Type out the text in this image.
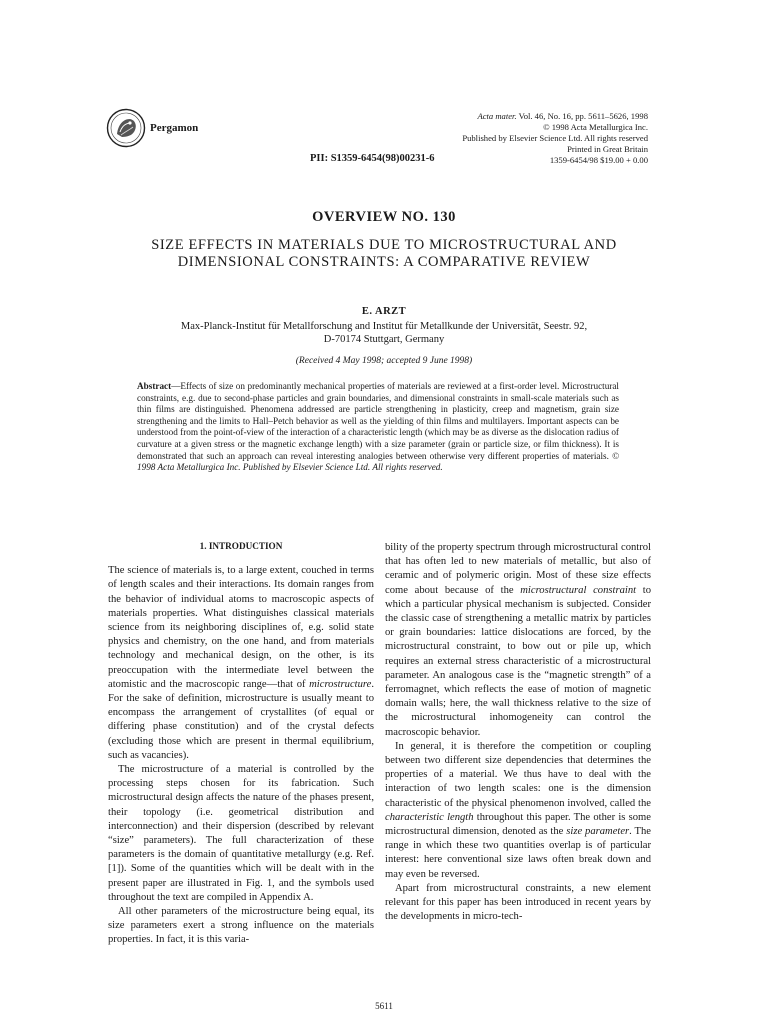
Pergamon
PII: S1359-6454(98)00231-6
Acta mater. Vol. 46, No. 16, pp. 5611–5626, 1998
© 1998 Acta Metallurgica Inc.
Published by Elsevier Science Ltd. All rights reserved
Printed in Great Britain
1359-6454/98 $19.00 + 0.00
OVERVIEW NO. 130
SIZE EFFECTS IN MATERIALS DUE TO MICROSTRUCTURAL AND DIMENSIONAL CONSTRAINTS: A COMPARATIVE REVIEW
E. ARZT
Max-Planck-Institut für Metallforschung and Institut für Metallkunde der Universität, Seestr. 92,
D-70174 Stuttgart, Germany
(Received 4 May 1998; accepted 9 June 1998)
Abstract—Effects of size on predominantly mechanical properties of materials are reviewed at a first-order level. Microstructural constraints, e.g. due to second-phase particles and grain boundaries, and dimensional constraints in small-scale materials such as thin films are distinguished. Phenomena addressed are particle strengthening in plasticity, creep and magnetism, grain size strengthening and the limits to Hall–Petch behavior as well as the yielding of thin films and multilayers. Important aspects can be understood from the point-of-view of the interaction of a characteristic length (which may be as diverse as the dislocation radius of curvature at a given stress or the magnetic exchange length) with a size parameter (grain or particle size, or film thickness). It is demonstrated that such an approach can reveal interesting analogies between otherwise very different properties of materials. © 1998 Acta Metallurgica Inc. Published by Elsevier Science Ltd. All rights reserved.
1. INTRODUCTION

The science of materials is, to a large extent, couched in terms of length scales and their interactions. Its domain ranges from the behavior of individual atoms to macroscopic aspects of materials properties. What distinguishes classical materials science from its neighboring disciplines of, e.g. solid state physics and chemistry, on the one hand, and from materials technology and mechanical design, on the other, is its preoccupation with the intermediate level between the atomistic and the macroscopic range—that of microstructure. For the sake of definition, microstructure is usually meant to encompass the arrangement of crystallites (of equal or differing phase constitution) and of the crystal defects (excluding those which are present in thermal equilibrium, such as vacancies).

The microstructure of a material is controlled by the processing steps chosen for its fabrication. Such microstructural design affects the nature of the phases present, their topology (i.e. geometrical distribution and interconnection) and their dispersion (described by relevant “size” parameters). The full characterization of these parameters is the domain of quantitative metallurgy (e.g. Ref. [1]). Some of the quantities which will be dealt with in the present paper are illustrated in Fig. 1, and the symbols used throughout the text are compiled in Appendix A.

All other parameters of the microstructure being equal, its size parameters exert a strong influence on the materials properties. In fact, it is this varia-

bility of the property spectrum through microstructural control that has often led to new materials of metallic, but also of ceramic and of polymeric origin. Most of these size effects come about because of the microstructural constraint to which a particular physical mechanism is subjected. Consider the classic case of strengthening a metallic matrix by particles or grain boundaries: lattice dislocations are forced, by the microstructural constraint, to bow out or pile up, which requires an external stress characteristic of a microstructural parameter. An analogous case is the “magnetic strength” of a ferromagnet, which reflects the ease of motion of magnetic domain walls; here, the wall thickness relative to the size of the microstructural inhomogeneity can control the macroscopic behavior.

In general, it is therefore the competition or coupling between two different size dependencies that determines the properties of a material. We thus have to deal with the interaction of two length scales: one is the dimension characteristic of the physical phenomenon involved, called the characteristic length throughout this paper. The other is some microstructural dimension, denoted as the size parameter. The range in which these two quantities overlap is of particular interest: here conventional size laws often break down and may even be reversed.

Apart from microstructural constraints, a new element relevant for this paper has been introduced in recent years by the developments in micro-tech-

5611
